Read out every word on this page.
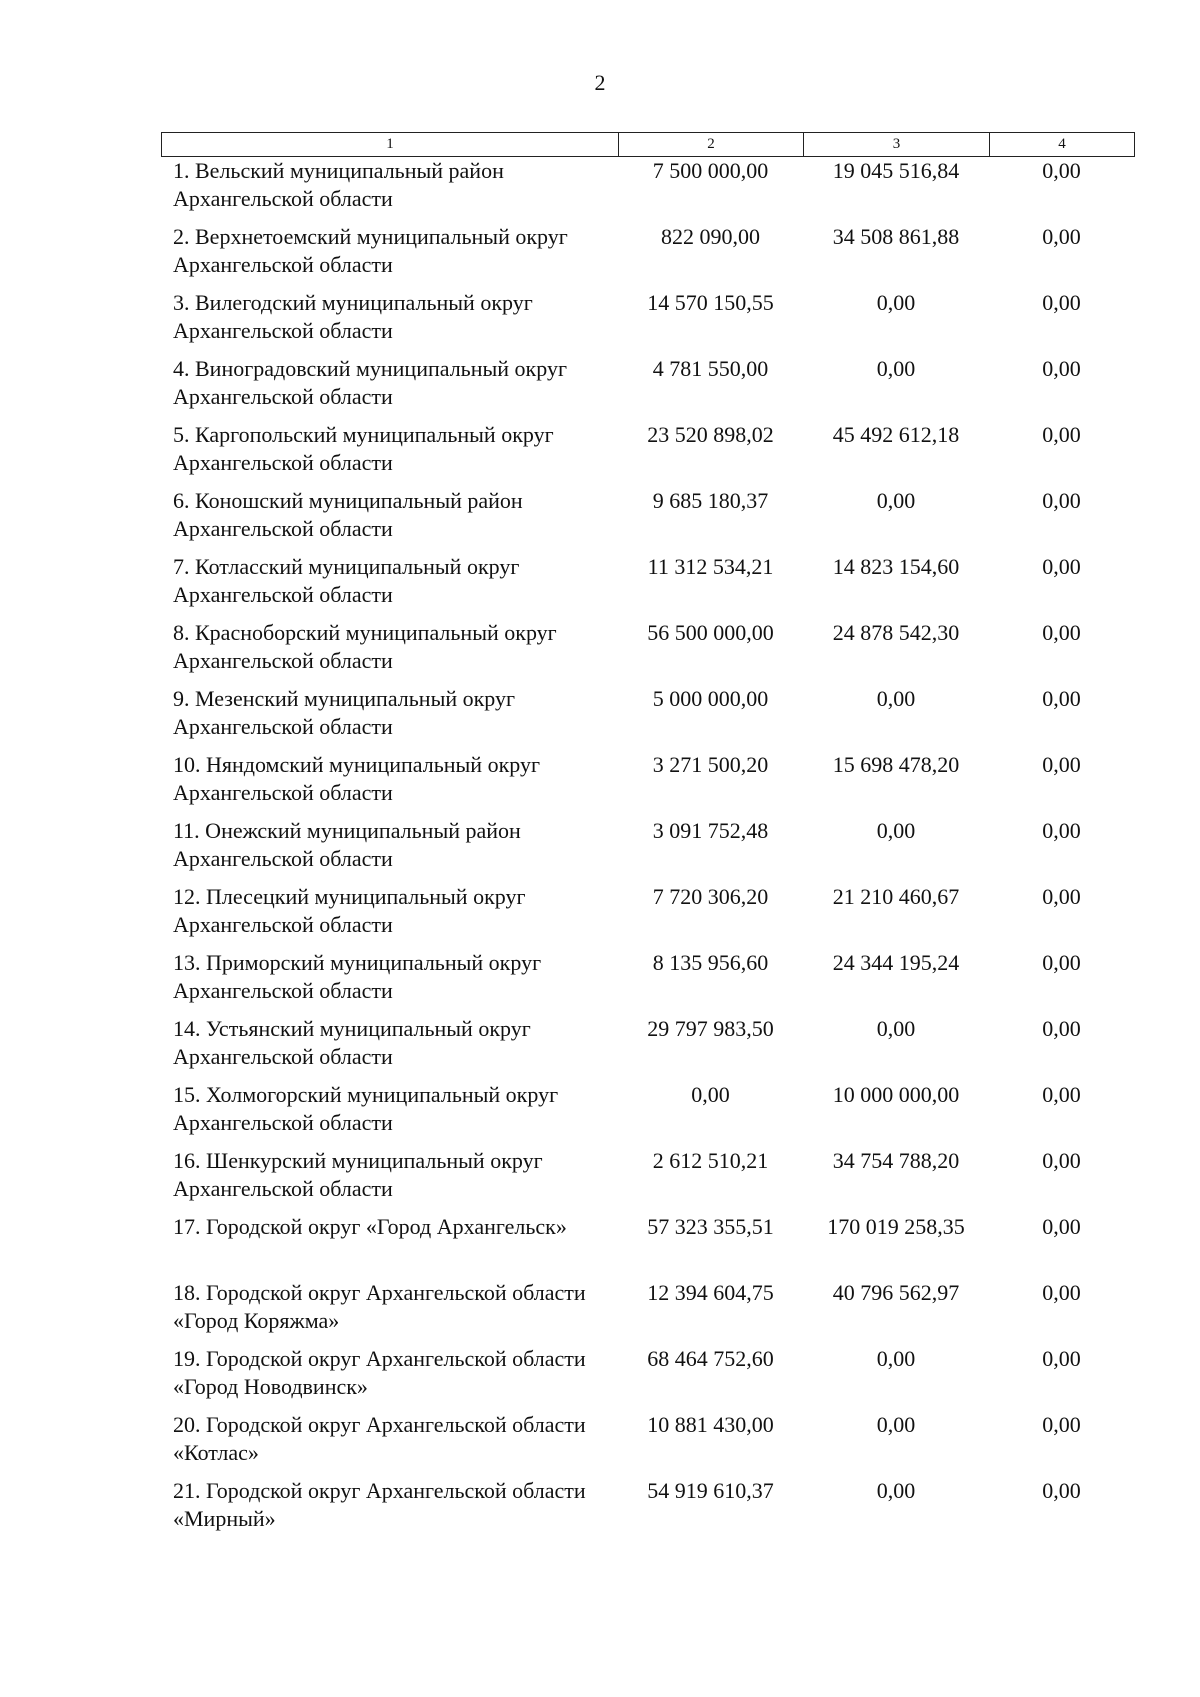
2
1	2	3	4
1. Вельский муниципальный район Архангельской области	7 500 000,00	19 045 516,84	0,00
2. Верхнетоемский муниципальный округ Архангельской области	822 090,00	34 508 861,88	0,00
3. Вилегодский муниципальный округ Архангельской области	14 570 150,55	0,00	0,00
4. Виноградовский муниципальный округ Архангельской области	4 781 550,00	0,00	0,00
5. Каргопольский муниципальный округ Архангельской области	23 520 898,02	45 492 612,18	0,00
6. Коношский муниципальный район Архангельской области	9 685 180,37	0,00	0,00
7. Котласский муниципальный округ Архангельской области	11 312 534,21	14 823 154,60	0,00
8. Красноборский муниципальный округ Архангельской области	56 500 000,00	24 878 542,30	0,00
9. Мезенский муниципальный округ Архангельской области	5 000 000,00	0,00	0,00
10. Няндомский муниципальный округ Архангельской области	3 271 500,20	15 698 478,20	0,00
11. Онежский муниципальный район Архангельской области	3 091 752,48	0,00	0,00
12. Плесецкий муниципальный округ Архангельской области	7 720 306,20	21 210 460,67	0,00
13. Приморский муниципальный округ Архангельской области	8 135 956,60	24 344 195,24	0,00
14. Устьянский муниципальный округ Архангельской области	29 797 983,50	0,00	0,00
15. Холмогорский муниципальный округ Архангельской области	0,00	10 000 000,00	0,00
16. Шенкурский муниципальный округ Архангельской области	2 612 510,21	34 754 788,20	0,00
17. Городской округ «Город Архангельск»	57 323 355,51	170 019 258,35	0,00
18. Городской округ Архангельской области «Город Коряжма»	12 394 604,75	40 796 562,97	0,00
19. Городской округ Архангельской области «Город Новодвинск»	68 464 752,60	0,00	0,00
20. Городской округ Архангельской области «Котлас»	10 881 430,00	0,00	0,00
21. Городской округ Архангельской области «Мирный»	54 919 610,37	0,00	0,00
